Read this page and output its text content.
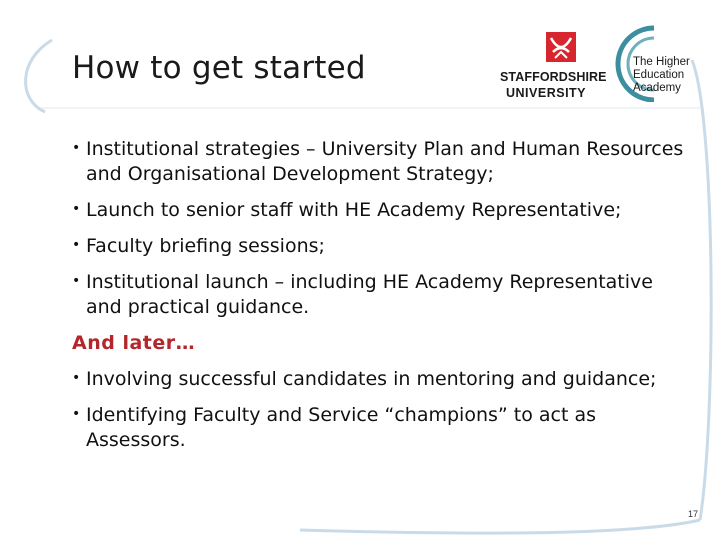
How to get started	STAFFORDSHIRE
UNIVERSITY
The Higher
Education
Academy
• Institutional strategies – University Plan and Human Resources and Organisational Development Strategy;
• Launch to senior staff with HE Academy Representative;
• Faculty briefing sessions;
• Institutional launch – including HE Academy Representative and practical guidance.
And later…
• Involving successful candidates in mentoring and guidance;
• Identifying Faculty and Service “champions” to act as Assessors.
17
